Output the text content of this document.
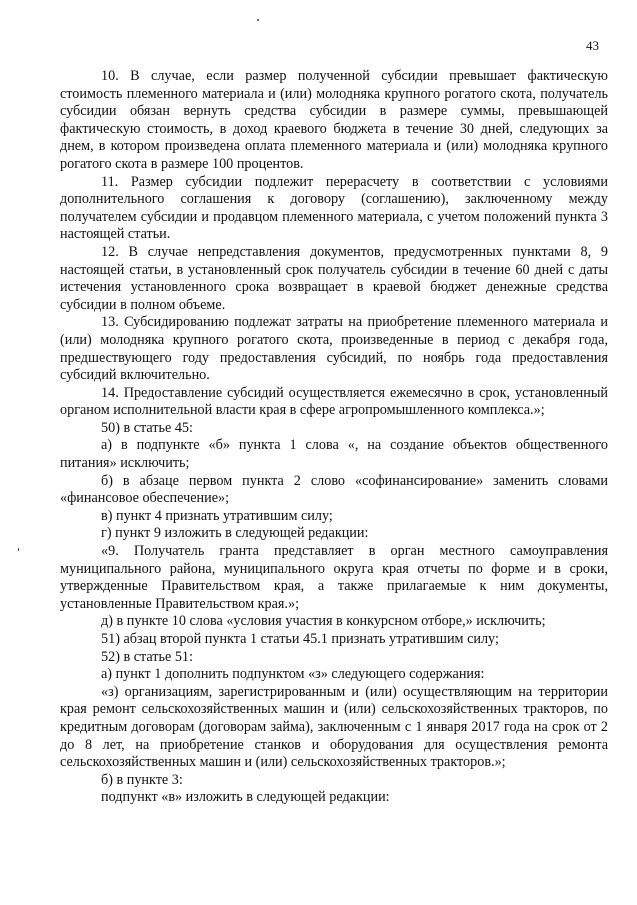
43

10. В случае, если размер полученной субсидии превышает фактическую стоимость племенного материала и (или) молодняка крупного рогатого скота, получатель субсидии обязан вернуть средства субсидии в размере суммы, превышающей фактическую стоимость, в доход краевого бюджета в течение 30 дней, следующих за днем, в котором произведена оплата племенного материала и (или) молодняка крупного рогатого скота в размере 100 процентов.

11. Размер субсидии подлежит перерасчету в соответствии с условиями дополнительного соглашения к договору (соглашению), заключенному между получателем субсидии и продавцом племенного материала, с учетом положений пункта 3 настоящей статьи.

12. В случае непредставления документов, предусмотренных пунктами 8, 9 настоящей статьи, в установленный срок получатель субсидии в течение 60 дней с даты истечения установленного срока возвращает в краевой бюджет денежные средства субсидии в полном объеме.

13. Субсидированию подлежат затраты на приобретение племенного материала и (или) молодняка крупного рогатого скота, произведенные в период с декабря года, предшествующего году предоставления субсидий, по ноябрь года предоставления субсидий включительно.

14. Предоставление субсидий осуществляется ежемесячно в срок, установленный органом исполнительной власти края в сфере агропромышленного комплекса.»;

50) в статье 45:

а) в подпункте «б» пункта 1 слова «, на создание объектов общественного питания» исключить;

б) в абзаце первом пункта 2 слово «софинансирование» заменить словами «финансовое обеспечение»;

в) пункт 4 признать утратившим силу;

г) пункт 9 изложить в следующей редакции:

«9. Получатель гранта представляет в орган местного самоуправления муниципального района, муниципального округа края отчеты по форме и в сроки, утвержденные Правительством края, а также прилагаемые к ним документы, установленные Правительством края.»;

д) в пункте 10 слова «условия участия в конкурсном отборе,» исключить;

51) абзац второй пункта 1 статьи 45.1 признать утратившим силу;

52) в статье 51:

а) пункт 1 дополнить подпунктом «з» следующего содержания:

«з) организациям, зарегистрированным и (или) осуществляющим на территории края ремонт сельскохозяйственных машин и (или) сельскохозяйственных тракторов, по кредитным договорам (договорам займа), заключенным с 1 января 2017 года на срок от 2 до 8 лет, на приобретение станков и оборудования для осуществления ремонта сельскохозяйственных машин и (или) сельскохозяйственных тракторов.»;

б) в пункте 3:

подпункт «в» изложить в следующей редакции:
